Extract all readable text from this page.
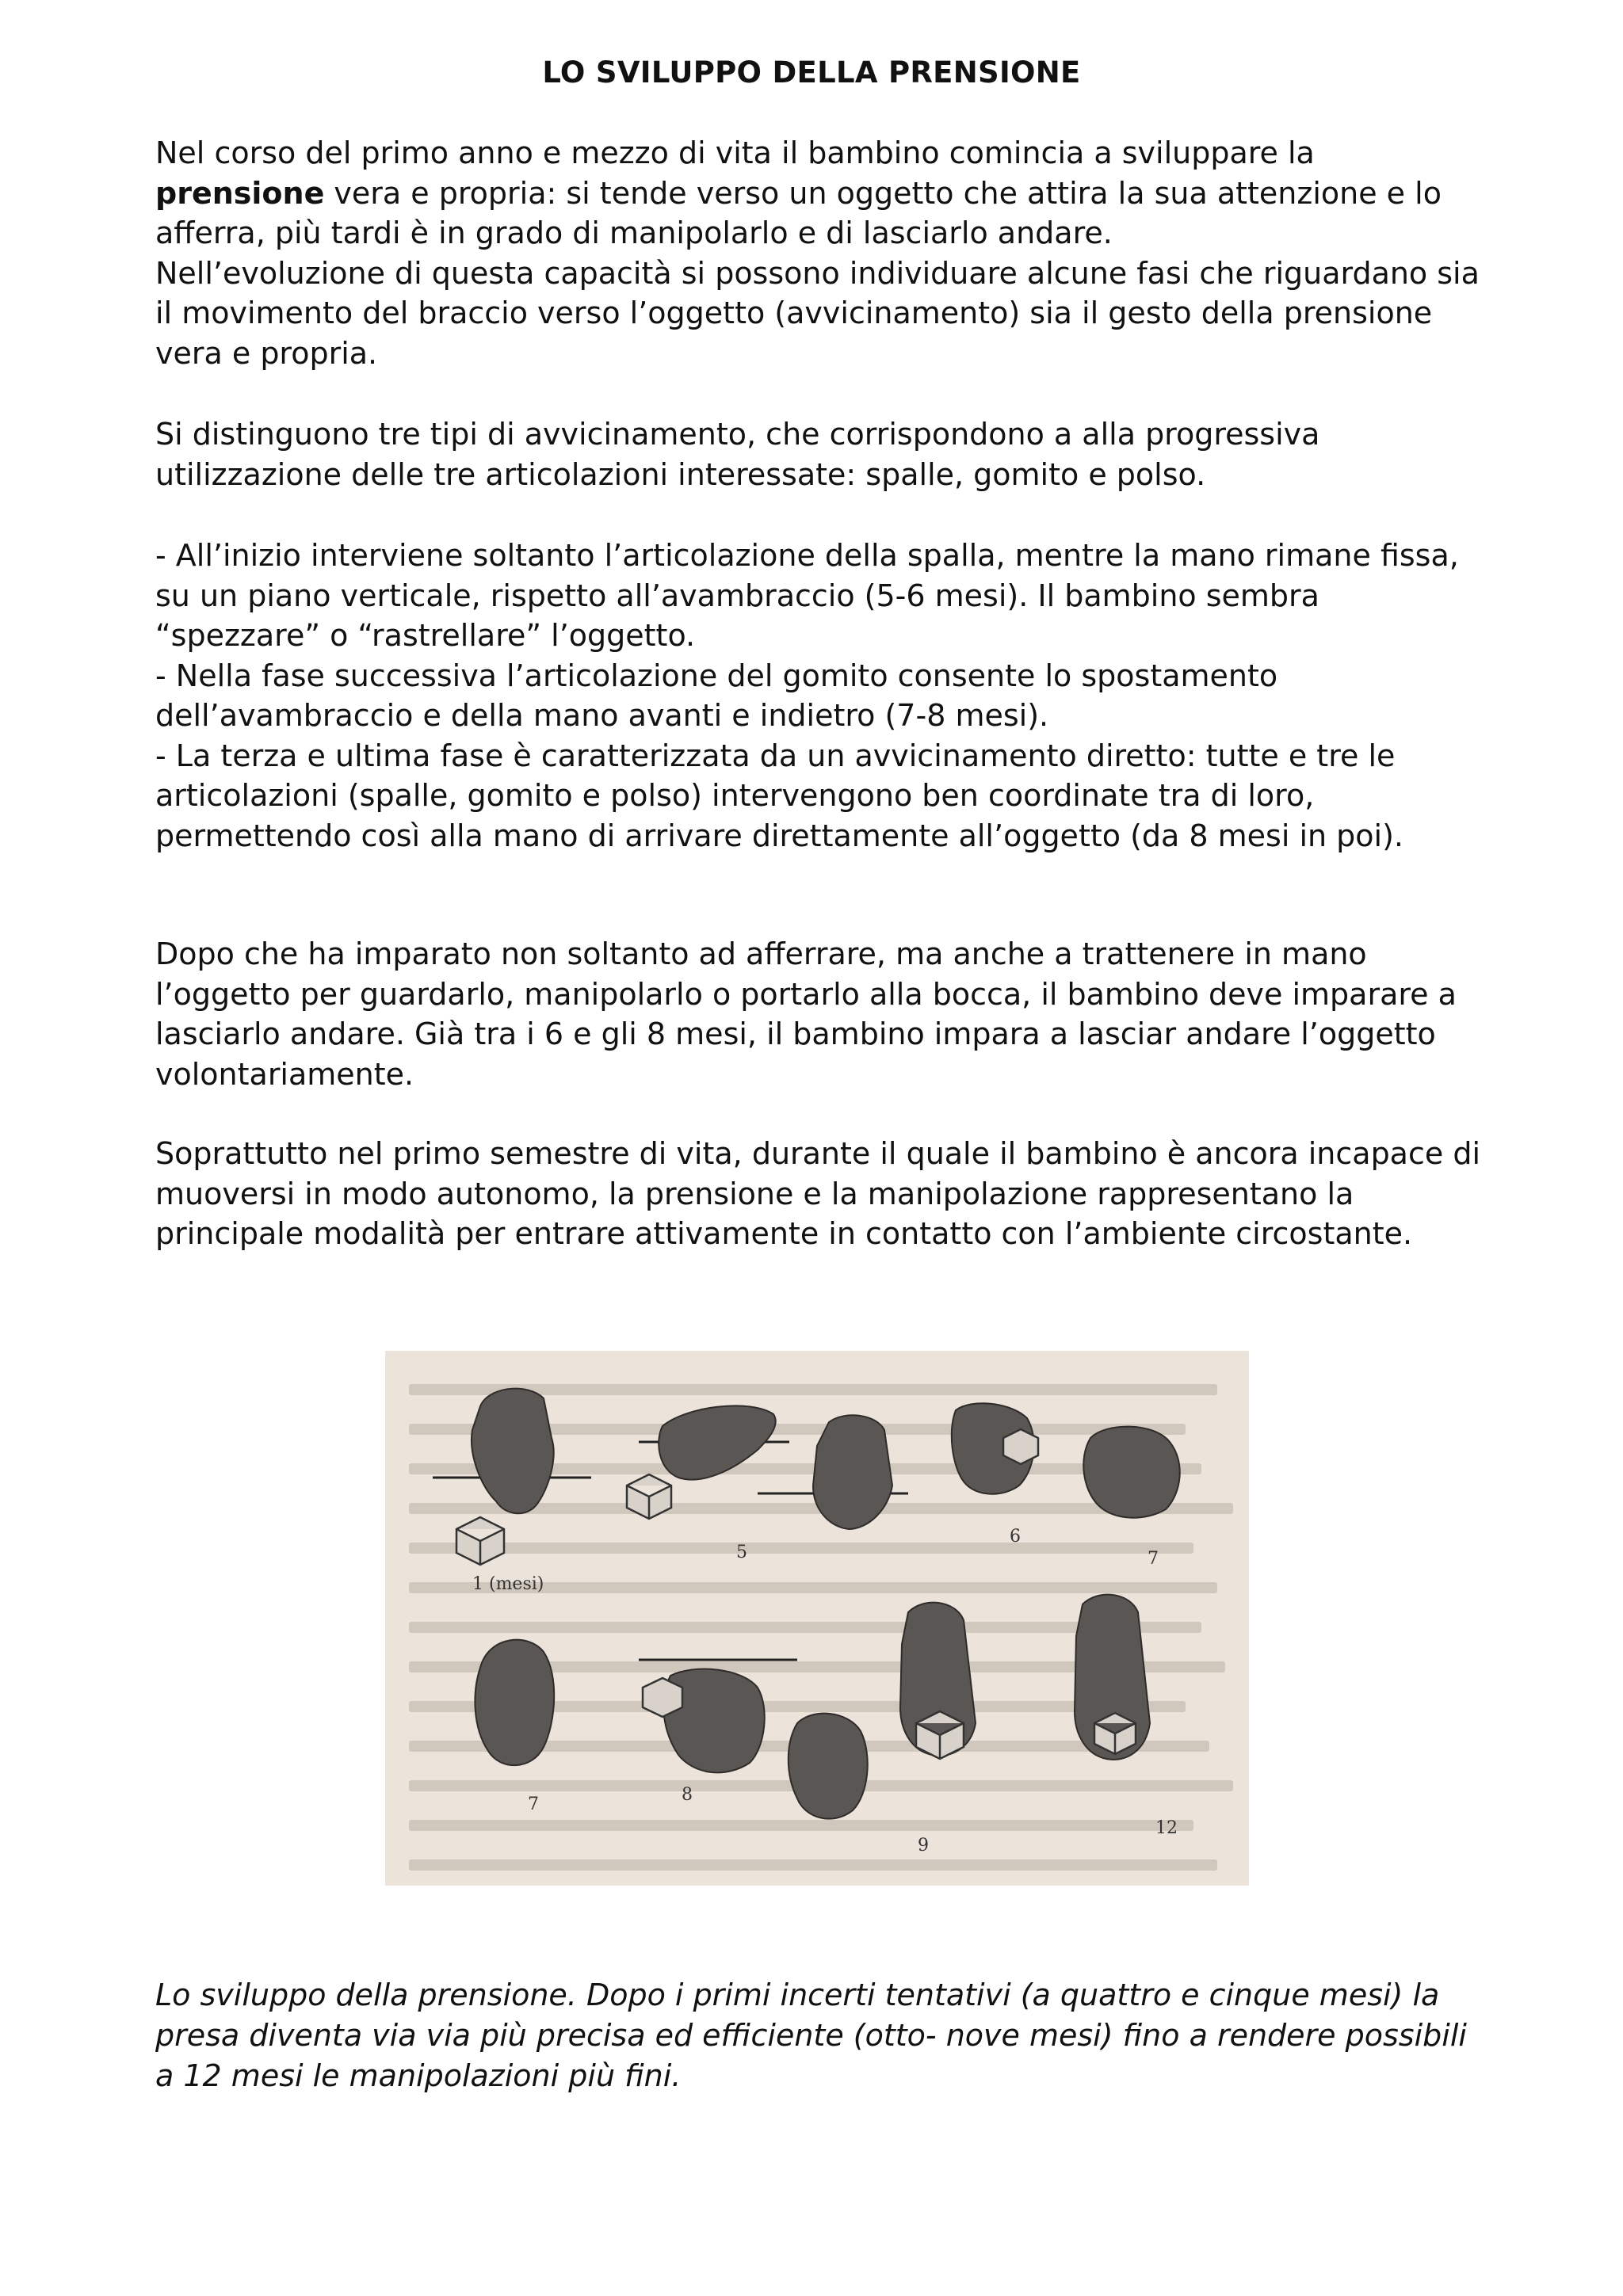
LO SVILUPPO DELLA PRENSIONE

Nel corso del primo anno e mezzo di vita il bambino comincia a sviluppare la
prensione vera e propria: si tende verso un oggetto che attira la sua attenzione e lo afferra, più tardi è in grado di manipolarlo e di lasciarlo andare.

Nell’evoluzione di questa capacità si possono individuare alcune fasi che riguardano sia il movimento del braccio verso l’oggetto (avvicinamento) sia il gesto della prensione vera e propria.

Si distinguono tre tipi di avvicinamento, che corrispondono a alla progressiva utilizzazione delle tre articolazioni interessate: spalle, gomito e polso.

- All’inizio interviene soltanto l’articolazione della spalla, mentre la mano rimane fissa, su un piano verticale, rispetto all’avambraccio (5-6 mesi). Il bambino sembra “spezzare” o “rastrellare” l’oggetto.

- Nella fase successiva l’articolazione del gomito consente lo spostamento dell’avambraccio e della mano avanti e indietro (7-8 mesi).

- La terza e ultima fase è caratterizzata da un avvicinamento diretto: tutte e tre le articolazioni (spalle, gomito e polso) intervengono ben coordinate tra di loro, permettendo così alla mano di arrivare direttamente all’oggetto (da 8 mesi in poi).

Dopo che ha imparato non soltanto ad afferrare, ma anche a trattenere in mano l’oggetto per guardarlo, manipolarlo o portarlo alla bocca, il bambino deve imparare a lasciarlo andare. Già tra i 6 e gli 8 mesi, il bambino impara a lasciar andare l’oggetto volontariamente.

Soprattutto nel primo semestre di vita, durante il quale il bambino è ancora incapace di muoversi in modo autonomo, la prensione e la manipolazione rappresentano la principale modalità per entrare attivamente in contatto con l’ambiente circostante.

1 (mesi)
5
6
7
7	8
9
12
Lo sviluppo della prensione. Dopo i primi incerti tentativi (a quattro e cinque mesi) la presa diventa via via più precisa ed efficiente (otto- nove mesi) fino a rendere possibili a 12 mesi le manipolazioni più fini.
